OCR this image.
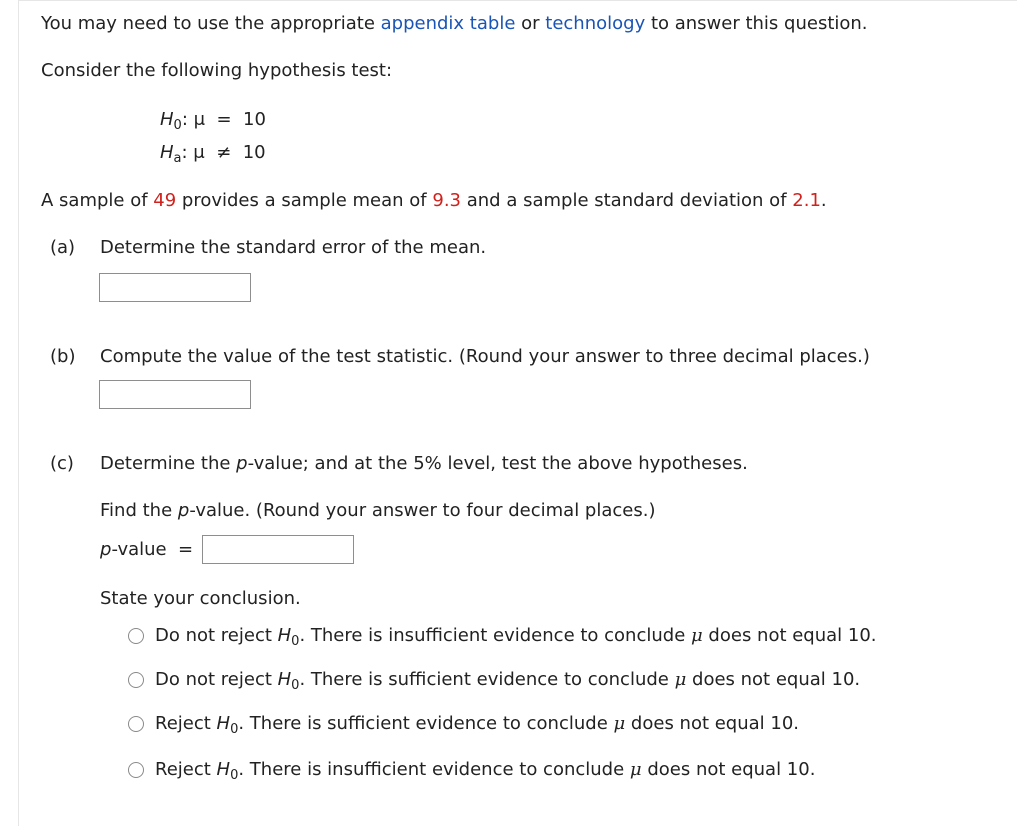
You may need to use the appropriate appendix table or technology to answer this question.
Consider the following hypothesis test:
$H_0$: μ  =  10
$H_a$: μ  ≠  10
A sample of 49 provides a sample mean of 9.3 and a sample standard deviation of 2.1.
(a) Determine the standard error of the mean.
(b) Compute the value of the test statistic. (Round your answer to three decimal places.)
(c) Determine the p-value; and at the 5% level, test the above hypotheses.
Find the p-value. (Round your answer to four decimal places.)
p-value  =
State your conclusion.
Do not reject $H_0$. There is insufficient evidence to conclude μ does not equal 10.
Do not reject $H_0$. There is sufficient evidence to conclude μ does not equal 10.
Reject $H_0$. There is sufficient evidence to conclude μ does not equal 10.
Reject $H_0$. There is insufficient evidence to conclude μ does not equal 10.
